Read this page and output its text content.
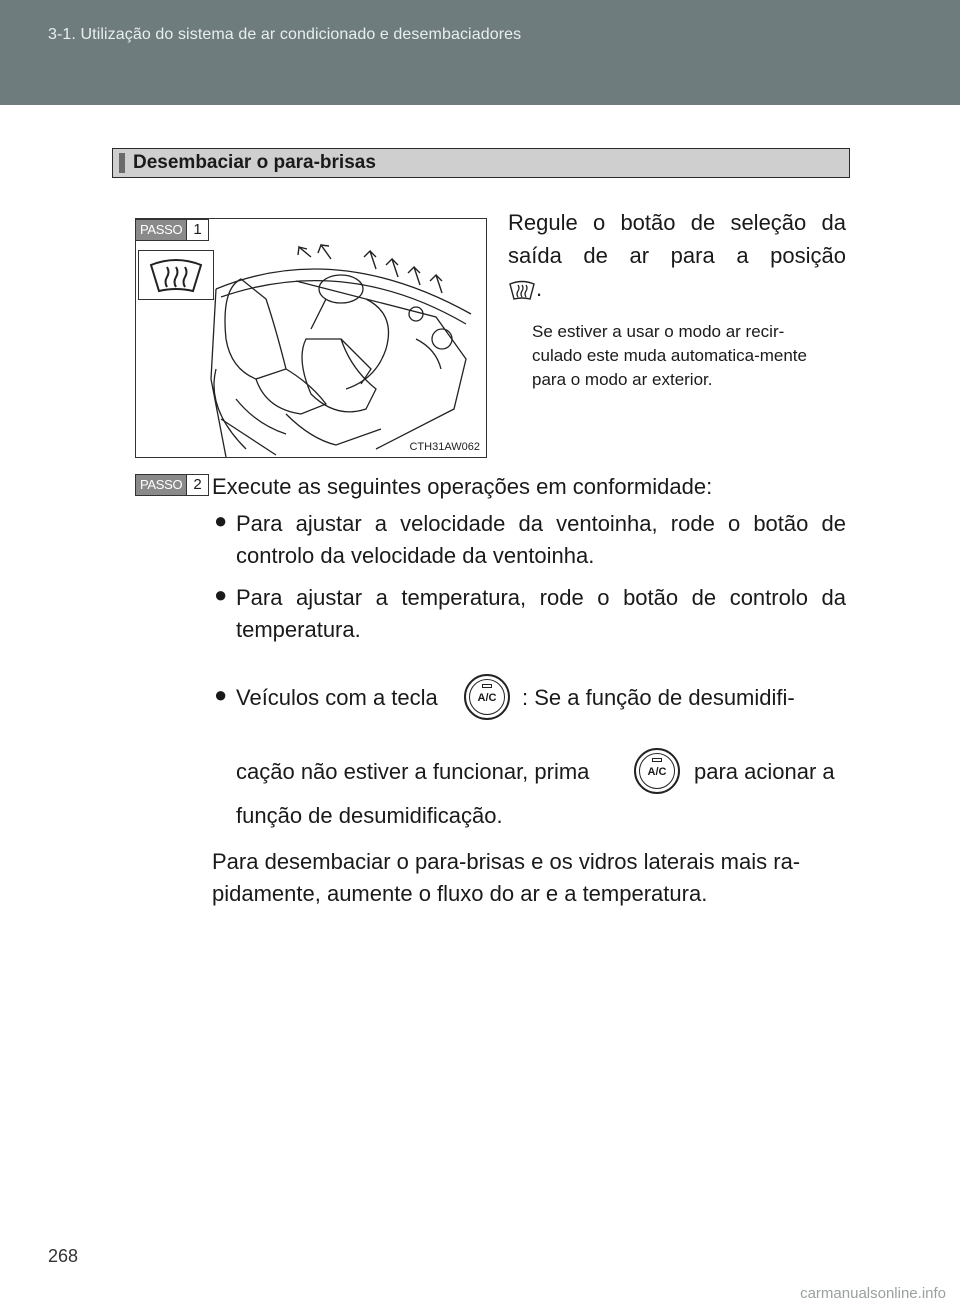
3-1. Utilização do sistema de ar condicionado e desembaciadores
Desembaciar o para-brisas
CTH31AW062
PASSO 1	Regule o botão de seleção da saída de ar para a posição
.
Se estiver a usar o modo ar recir-culado este muda automatica-mente para o modo ar exterior.
PASSO 2 Execute as seguintes operações em conformidade:
● Para ajustar a velocidade da ventoinha, rode o botão de controlo da velocidade da ventoinha.
● Para ajustar a temperatura, rode o botão de controlo da temperatura.
● Veículos com a tecla	A/C	: Se a função de desumidifi-
cação não estiver a funcionar, prima	A/C	para acionar a
função de desumidificação.
Para desembaciar o para-brisas e os vidros laterais mais ra-
pidamente, aumente o fluxo do ar e a temperatura.
268
carmanualsonline.info
